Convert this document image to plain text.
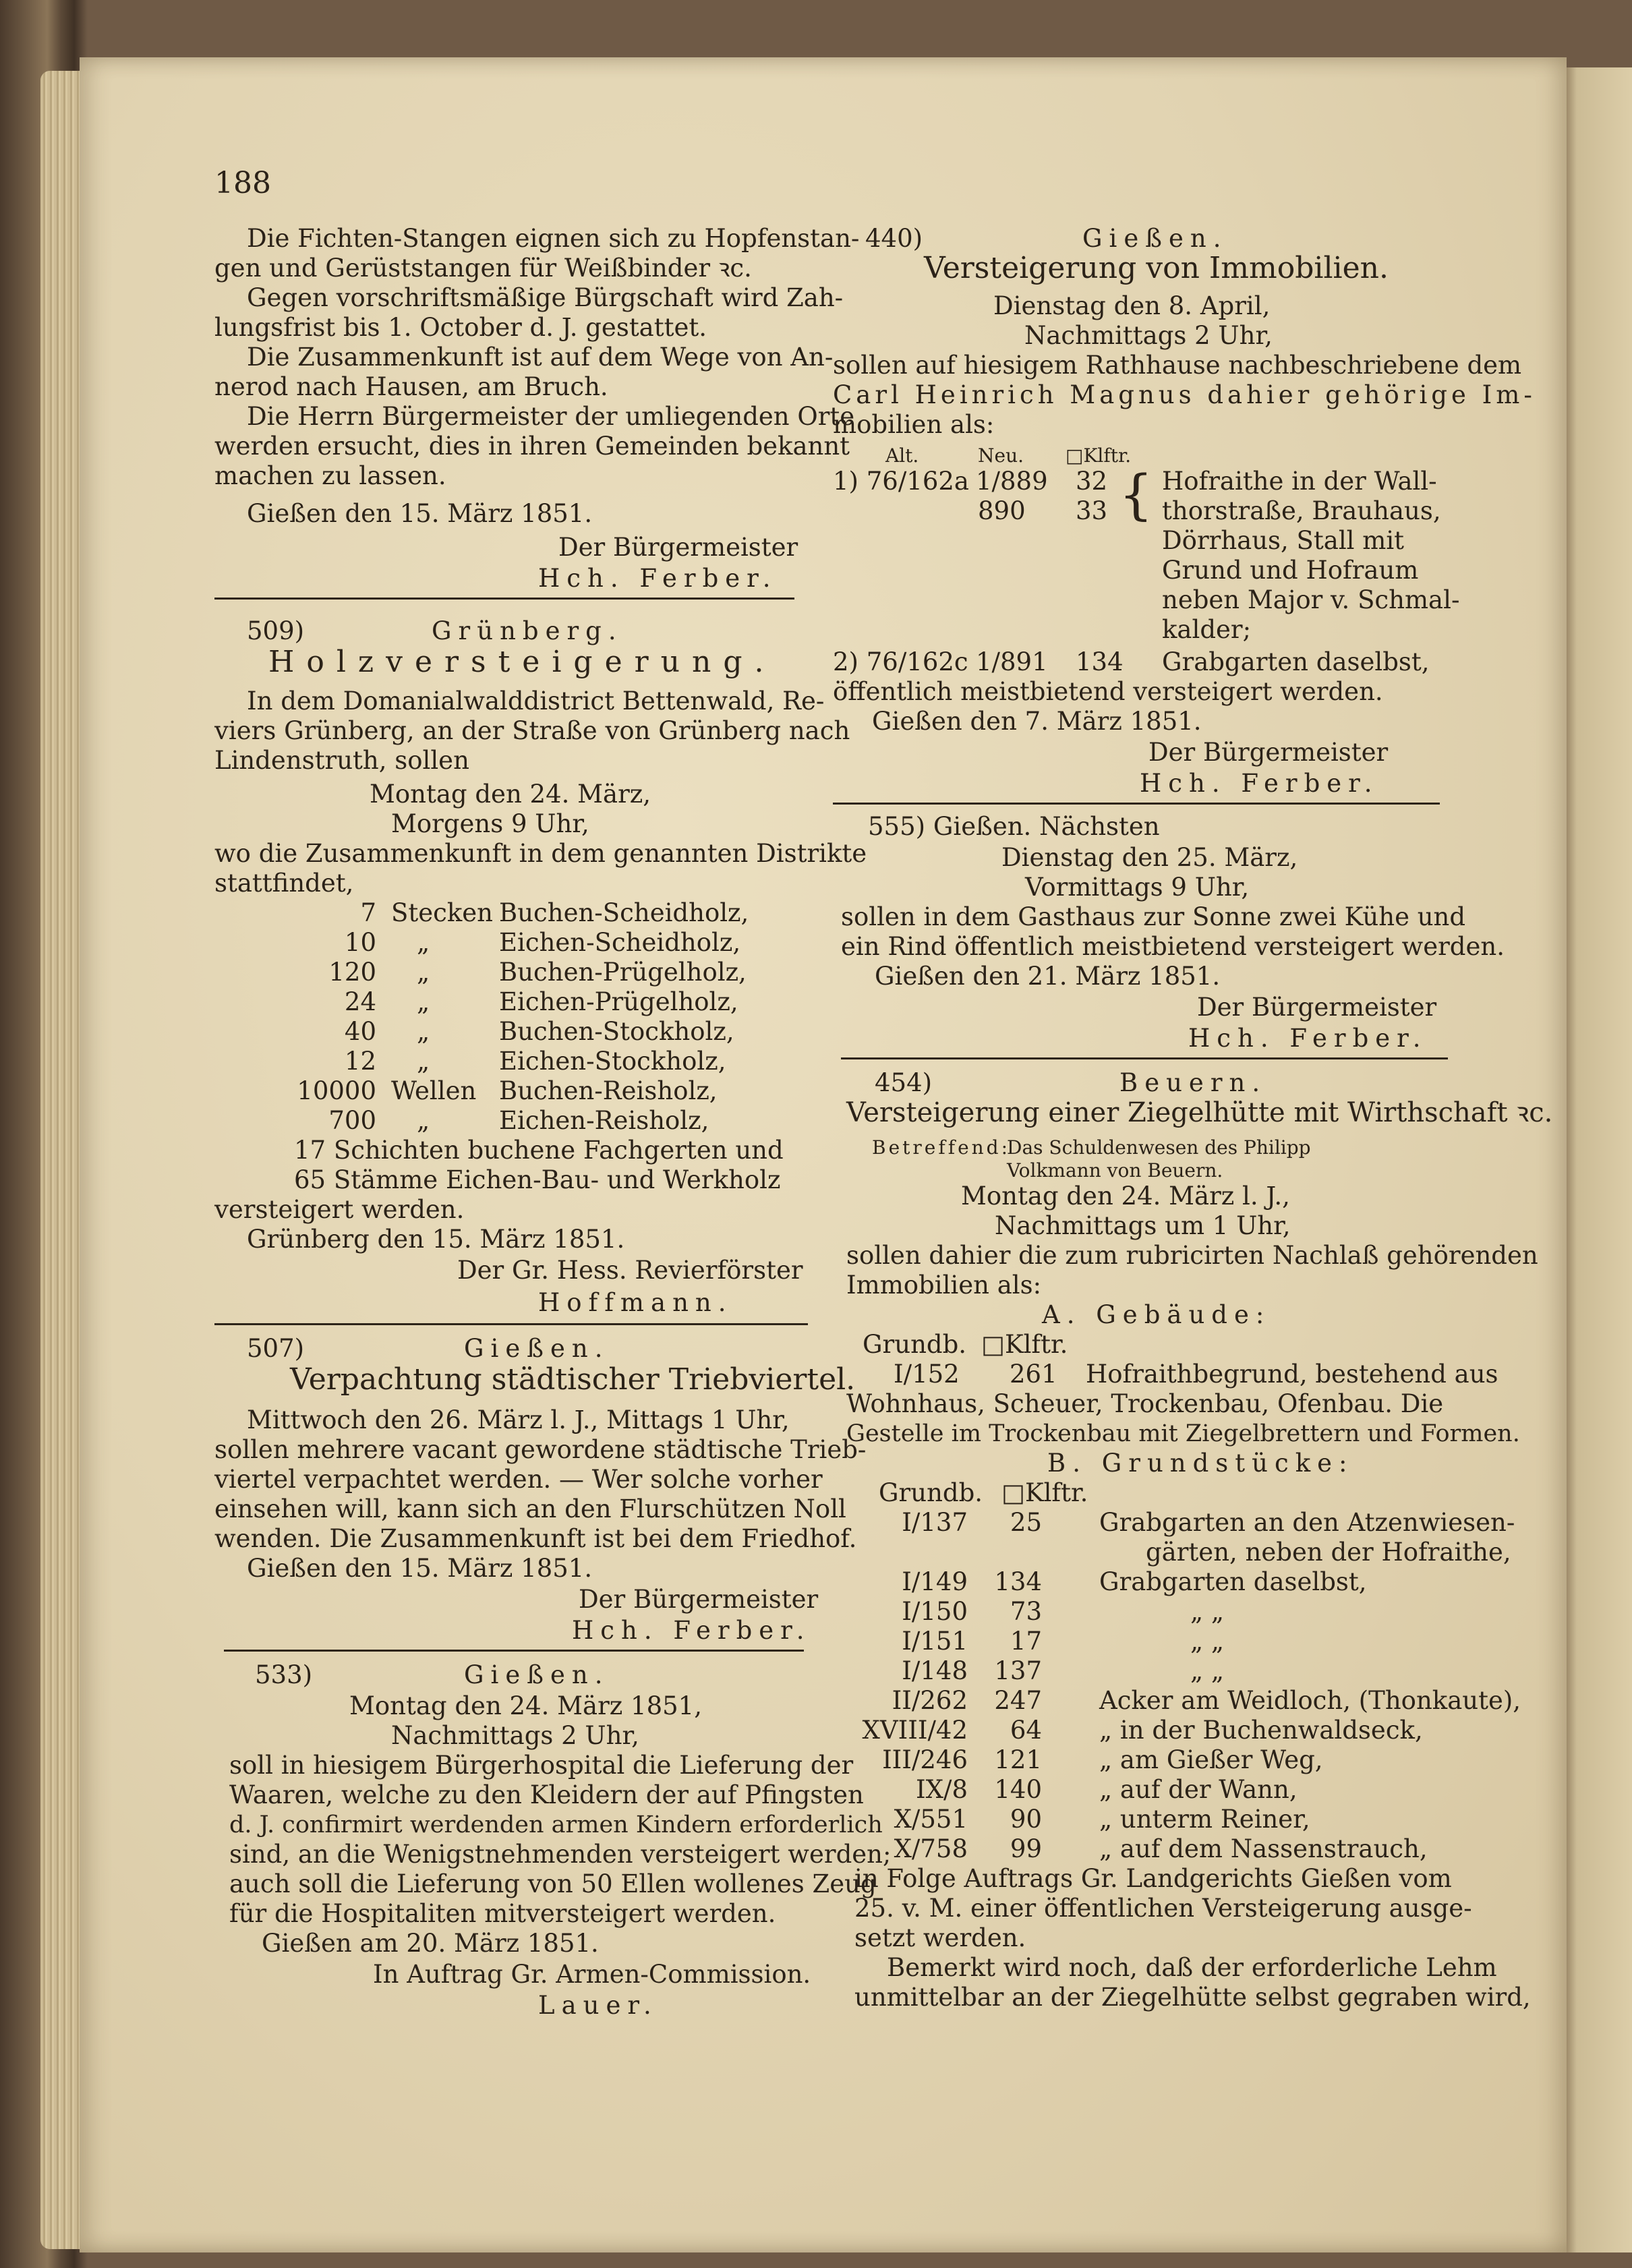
188
Die Fichten-Stangen eignen sich zu Hopfenstan-
gen und Gerüststangen für Weißbinder ꝛc.
Gegen vorschriftsmäßige Bürgschaft wird Zah-
lungsfrist bis 1. October d. J. gestattet.
Die Zusammenkunft ist auf dem Wege von An-
nerod nach Hausen, am Bruch.
Die Herrn Bürgermeister der umliegenden Orte
werden ersucht, dies in ihren Gemeinden bekannt
machen zu lassen.
Gießen den 15. März 1851.
Der Bürgermeister
Hch. Ferber.
509)	Grünberg.
Holzversteigerung.
In dem Domanialwalddistrict Bettenwald, Re-
viers Grünberg, an der Straße von Grünberg nach
Lindenstruth, sollen
Montag den 24. März,
Morgens 9 Uhr,
wo die Zusammenkunft in dem genannten Distrikte
stattfindet,
7 Stecken Buchen-Scheidholz,
10 „	Eichen-Scheidholz,
120 „	Buchen-Prügelholz,
24 „	Eichen-Prügelholz,
40 „	Buchen-Stockholz,
12 „	Eichen-Stockholz,
10000 Wellen Buchen-Reisholz,
700 „	Eichen-Reisholz,
17 Schichten buchene Fachgerten und
65 Stämme Eichen-Bau- und Werkholz
versteigert werden.
Grünberg den 15. März 1851.
Der Gr. Hess. Revierförster
Hoffmann.
507)	Gießen.
Verpachtung städtischer Triebviertel.
Mittwoch den 26. März l. J., Mittags 1 Uhr,
sollen mehrere vacant gewordene städtische Trieb-
viertel verpachtet werden. — Wer solche vorher
einsehen will, kann sich an den Flurschützen Noll
wenden. Die Zusammenkunft ist bei dem Friedhof.
Gießen den 15. März 1851.
Der Bürgermeister
Hch. Ferber.
533)	Gießen.
Montag den 24. März 1851,
Nachmittags 2 Uhr,
soll in hiesigem Bürgerhospital die Lieferung der
Waaren, welche zu den Kleidern der auf Pfingsten
d. J. confirmirt werdenden armen Kindern erforderlich
sind, an die Wenigstnehmenden versteigert werden;
auch soll die Lieferung von 50 Ellen wollenes Zeug
für die Hospitaliten mitversteigert werden.
Gießen am 20. März 1851.
In Auftrag Gr. Armen-Commission.
Lauer.
440)	Gießen.
Versteigerung von Immobilien.
Dienstag den 8. April,
Nachmittags 2 Uhr,
sollen auf hiesigem Rathhause nachbeschriebene dem
Carl Heinrich Magnus dahier gehörige Im-
mobilien als:
Alt.	Neu. □Klftr.
1) 76/162a 1/889 32
890 33 { Hofraithe in der Wall-
thorstraße, Brauhaus,
Dörrhaus, Stall mit
Grund und Hofraum
neben Major v. Schmal-
kalder;
2) 76/162c 1/891 134 Grabgarten daselbst,
öffentlich meistbietend versteigert werden.
Gießen den 7. März 1851.
Der Bürgermeister
Hch. Ferber.
555) Gießen. Nächsten
Dienstag den 25. März,
Vormittags 9 Uhr,
sollen in dem Gasthaus zur Sonne zwei Kühe und
ein Rind öffentlich meistbietend versteigert werden.
Gießen den 21. März 1851.
Der Bürgermeister
Hch. Ferber.
454)	Beuern.
Versteigerung einer Ziegelhütte mit Wirthschaft ꝛc.
Betreffend:
Das Schuldenwesen des Philipp
Volkmann von Beuern.
Montag den 24. März l. J.,
Nachmittags um 1 Uhr,
sollen dahier die zum rubricirten Nachlaß gehörenden
Immobilien als:
A. Gebäude:
Grundb. □Klftr.
I/152 261 Hofraithbegrund, bestehend aus
Wohnhaus, Scheuer, Trockenbau, Ofenbau. Die
Gestelle im Trockenbau mit Ziegelbrettern und Formen.
B. Grundstücke:
Grundb. □Klftr.
I/137	25 Grabgarten an den Atzenwiesen-
gärten, neben der Hofraithe,
I/149	134 Grabgarten daselbst,
I/150	73	„ „
I/151	17	„ „
I/148	137	„ „
II/262	247 Acker am Weidloch, (Thonkaute),
XVIII/42	64 „ in der Buchenwaldseck,
III/246	121 „ am Gießer Weg,
IX/8	140 „ auf der Wann,
X/551	90 „ unterm Reiner,
X/758	99 „ auf dem Nassenstrauch,
in Folge Auftrags Gr. Landgerichts Gießen vom
25. v. M. einer öffentlichen Versteigerung ausge-
setzt werden.
Bemerkt wird noch, daß der erforderliche Lehm
unmittelbar an der Ziegelhütte selbst gegraben wird,
